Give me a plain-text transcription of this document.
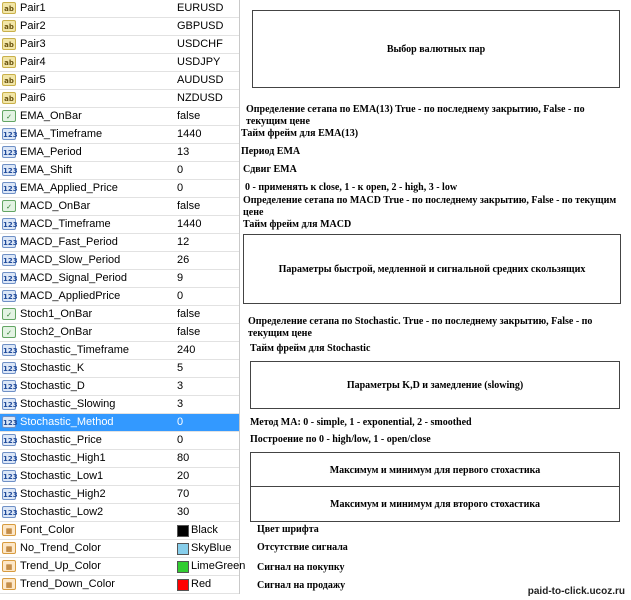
ab Pair1	EURUSD
ab Pair2	GBPUSD
ab Pair3	USDCHF
ab Pair4	USDJPY
ab Pair5	AUDUSD
ab Pair6	NZDUSD
✓ EMA_OnBar	false
123 EMA_Timeframe	1440
123 EMA_Period	13
123 EMA_Shift	0
123 EMA_Applied_Price	0
✓ MACD_OnBar	false
123 MACD_Timeframe	1440
123 MACD_Fast_Period	12
123 MACD_Slow_Period	26
123 MACD_Signal_Period	9
123 MACD_AppliedPrice	0
✓ Stoch1_OnBar	false
✓ Stoch2_OnBar	false
123 Stochastic_Timeframe	240
123 Stochastic_K	5
123 Stochastic_D	3
123 Stochastic_Slowing	3
123 Stochastic_Method	0
123 Stochastic_Price	0
123 Stochastic_High1	80
123 Stochastic_Low1	20
123 Stochastic_High2	70
123 Stochastic_Low2	30
▦ Font_Color	Black
▦ No_Trend_Color	SkyBlue
▦ Trend_Up_Color	LimeGreen
▦ Trend_Down_Color	Red
Выбор валютных пар
Определение сетапа по EMA(13) True - по последнему закрытию, False - по текущим цене
Тайм фрейм для EMA(13)
Период EMA
Сдвиг EMA
0 - применять к close, 1 - к open, 2 - high, 3 - low
Определение сетапа по MACD True - по последнему закрытию, False - по текущим цене
Тайм фрейм для MACD
Параметры быстрой, медленной и сигнальной средних скользящих
Определение сетапа по Stochastic. True - по последнему закрытию, False - по текущим цене
Тайм фрейм для Stochastic
Параметры K,D и замедление (slowing)
Метод МА: 0 - simple, 1 - exponential, 2 - smoothed
Построение по 0 - high/low, 1 - open/close
Максимум и минимум для первого стохастика
Максимум и минимум для второго стохастика
Цвет шрифта
Отсутствие сигнала
Сигнал на покупку
Сигнал на продажу
paid-to-click.ucoz.ru
